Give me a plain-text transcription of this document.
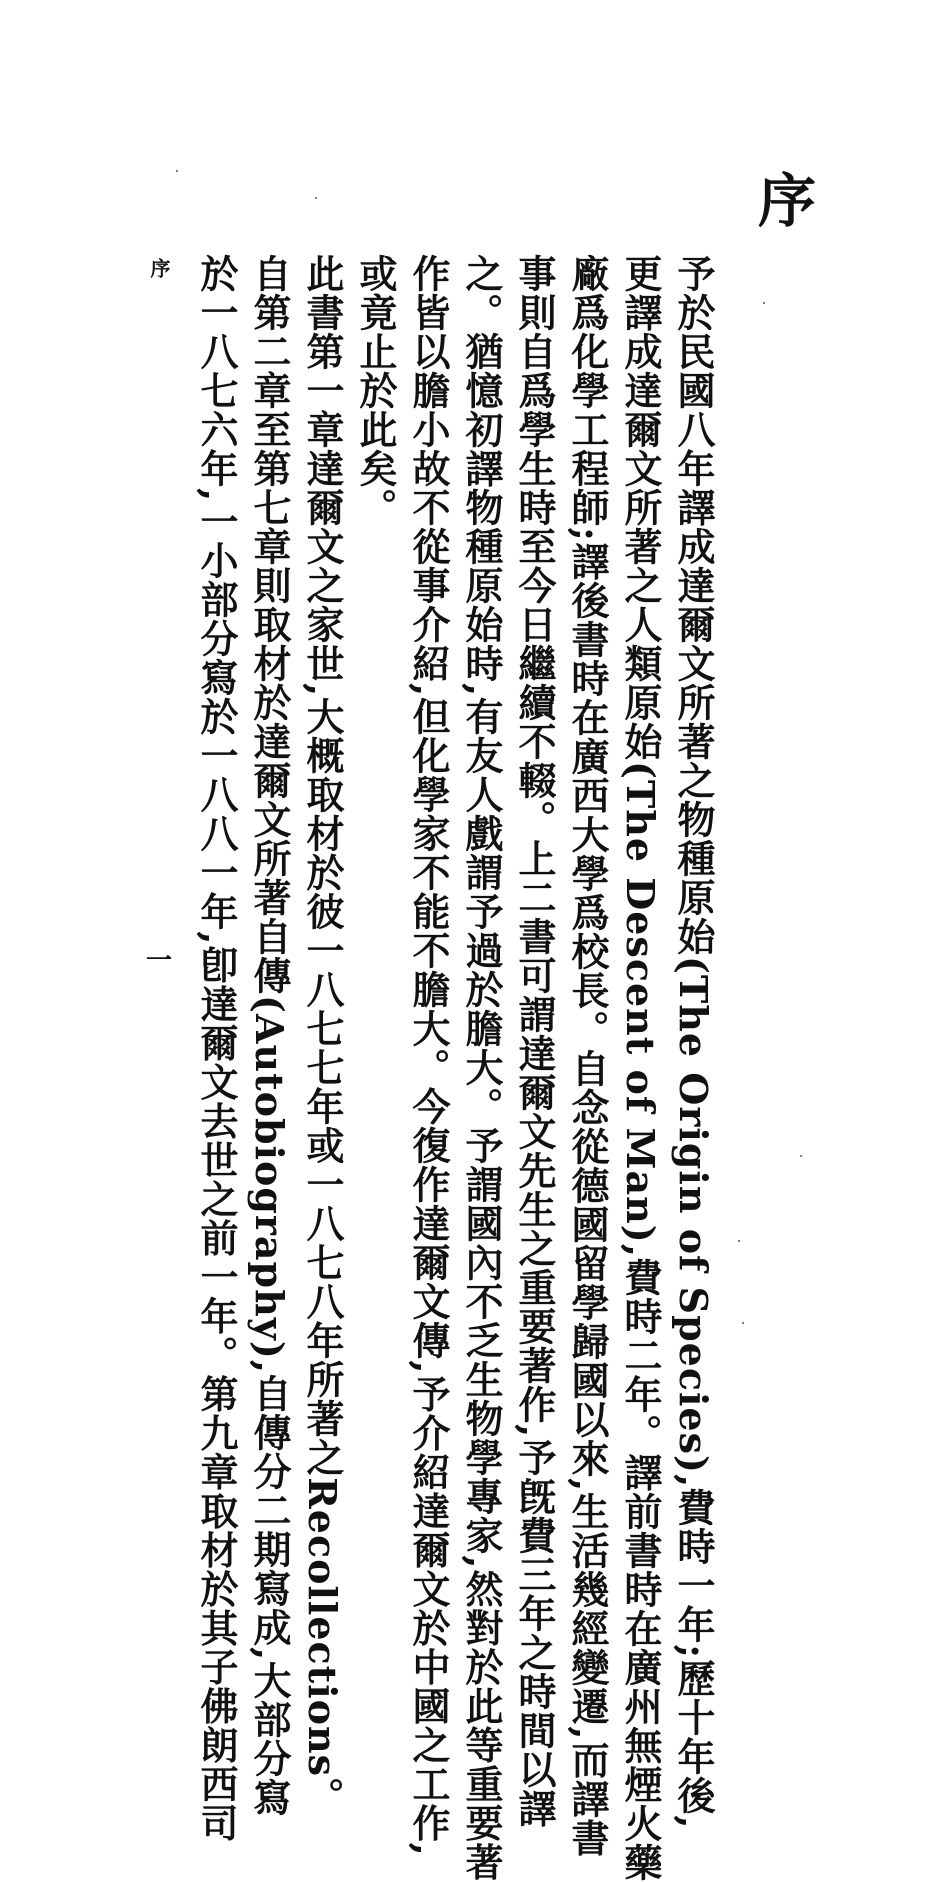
序
序
一	予於民國八年譯成達爾文所著之物種原始(The Origin of Species),費時一年;歷十年後,
更譯成達爾文所著之人類原始(The Descent of Man),費時二年。譯前書時在廣州無煙火藥
廠爲化學工程師;譯後書時在廣西大學爲校長。自念從德國留學歸國以來,生活幾經變遷,而譯書
事則自爲學生時至今日繼續不輟。上二書可謂達爾文先生之重要著作,予旣費三年之時間以譯
之。猶憶初譯物種原始時,有友人戲謂予過於膽大。予謂國內不乏生物學專家,然對於此等重要著
作皆以膽小故不從事介紹,但化學家不能不膽大。今復作達爾文傳,予介紹達爾文於中國之工作,
或竟止於此矣。

此書第一章達爾文之家世,大概取材於彼一八七七年或一八七八年所著之Recollections。
自第二章至第七章則取材於達爾文所著自傳(Autobiography),自傳分二期寫成,大部分寫
於一八七六年,一小部分寫於一八八一年,卽達爾文去世之前一年。第九章取材於其子佛朗西司
